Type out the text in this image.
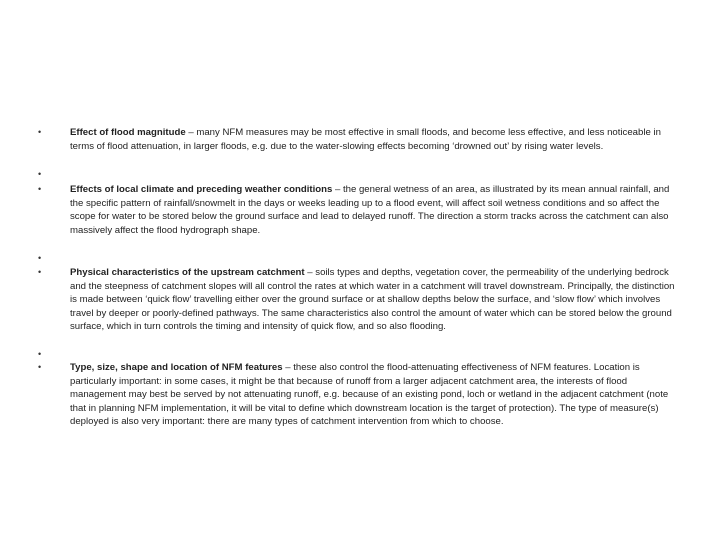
•	Effect of flood magnitude – many NFM measures may be most effective in small floods, and become less effective, and less noticeable in terms of flood attenuation, in larger floods, e.g. due to the water-slowing effects becoming ‘drowned out’ by rising water levels.
•
•	Effects of local climate and preceding weather conditions – the general wetness of an area, as illustrated by its mean annual rainfall, and the specific pattern of rainfall/snowmelt in the days or weeks leading up to a flood event, will affect soil wetness conditions and so affect the scope for water to be stored below the ground surface and lead to delayed runoff. The direction a storm tracks across the catchment can also massively affect the flood hydrograph shape.
•
•	Physical characteristics of the upstream catchment – soils types and depths, vegetation cover, the permeability of the underlying bedrock and the steepness of catchment slopes will all control the rates at which water in a catchment will travel downstream. Principally, the distinction is made between ‘quick flow’ travelling either over the ground surface or at shallow depths below the surface, and ‘slow flow’ which involves travel by deeper or poorly-defined pathways. The same characteristics also control the amount of water which can be stored below the ground surface, which in turn controls the timing and intensity of quick flow, and so also flooding.
•
•	Type, size, shape and location of NFM features – these also control the flood-attenuating effectiveness of NFM features. Location is particularly important: in some cases, it might be that because of runoff from a larger adjacent catchment area, the interests of flood management may best be served by not attenuating runoff, e.g. because of an existing pond, loch or wetland in the adjacent catchment (note that in planning NFM implementation, it will be vital to define which downstream location is the target of protection). The type of measure(s) deployed is also very important: there are many types of catchment intervention from which to choose.
